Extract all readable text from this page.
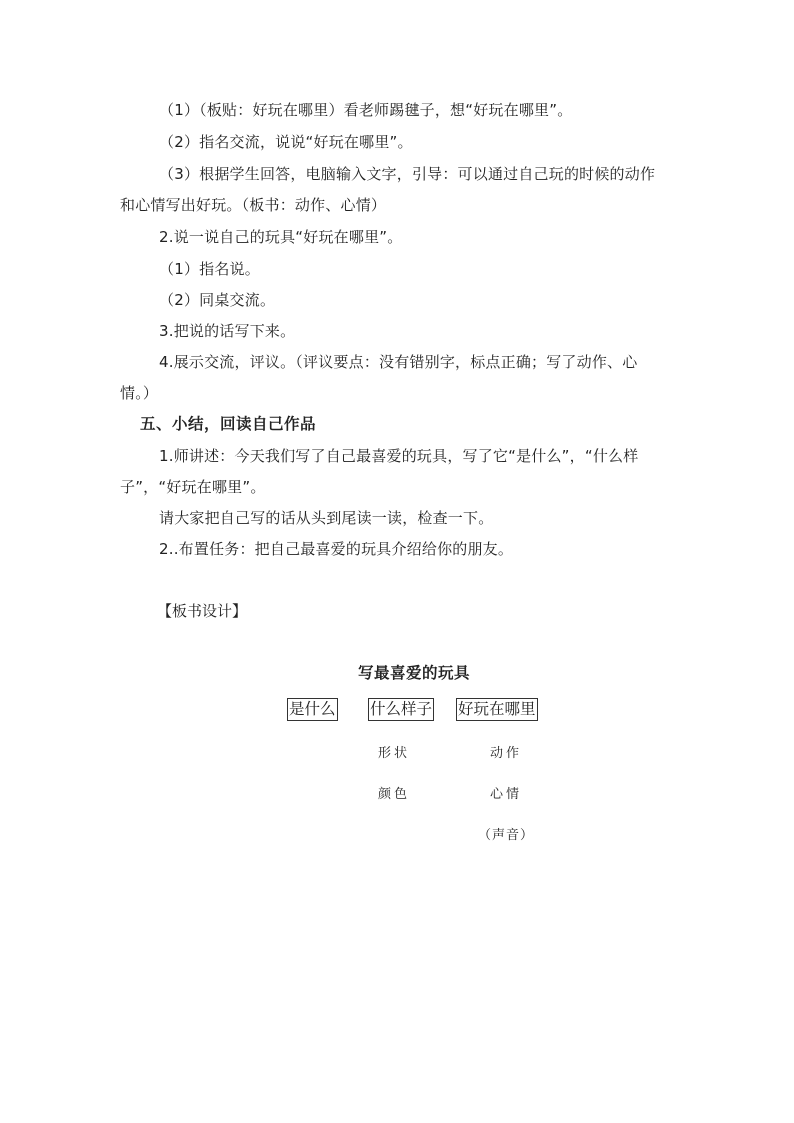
（1）（板贴：好玩在哪里）看老师踢毽子，想“好玩在哪里”。
（2）指名交流，说说“好玩在哪里”。
（3）根据学生回答，电脑输入文字，引导：可以通过自己玩的时候的动作
和心情写出好玩。（板书：动作、心情）
2.说一说自己的玩具“好玩在哪里”。
（1）指名说。
（2）同桌交流。
3.把说的话写下来。
4.展示交流，评议。（评议要点：没有错别字，标点正确；写了动作、心
情。）
五、小结，回读自己作品
1.师讲述：今天我们写了自己最喜爱的玩具，写了它“是什么”，“什么样
子”，“好玩在哪里”。
请大家把自己写的话从头到尾读一读，检查一下。
2..布置任务：把自己最喜爱的玩具介绍给你的朋友。
【板书设计】
写最喜爱的玩具
是什么 什么样子 好玩在哪里
形状
颜色
动作
心情
（声音）
